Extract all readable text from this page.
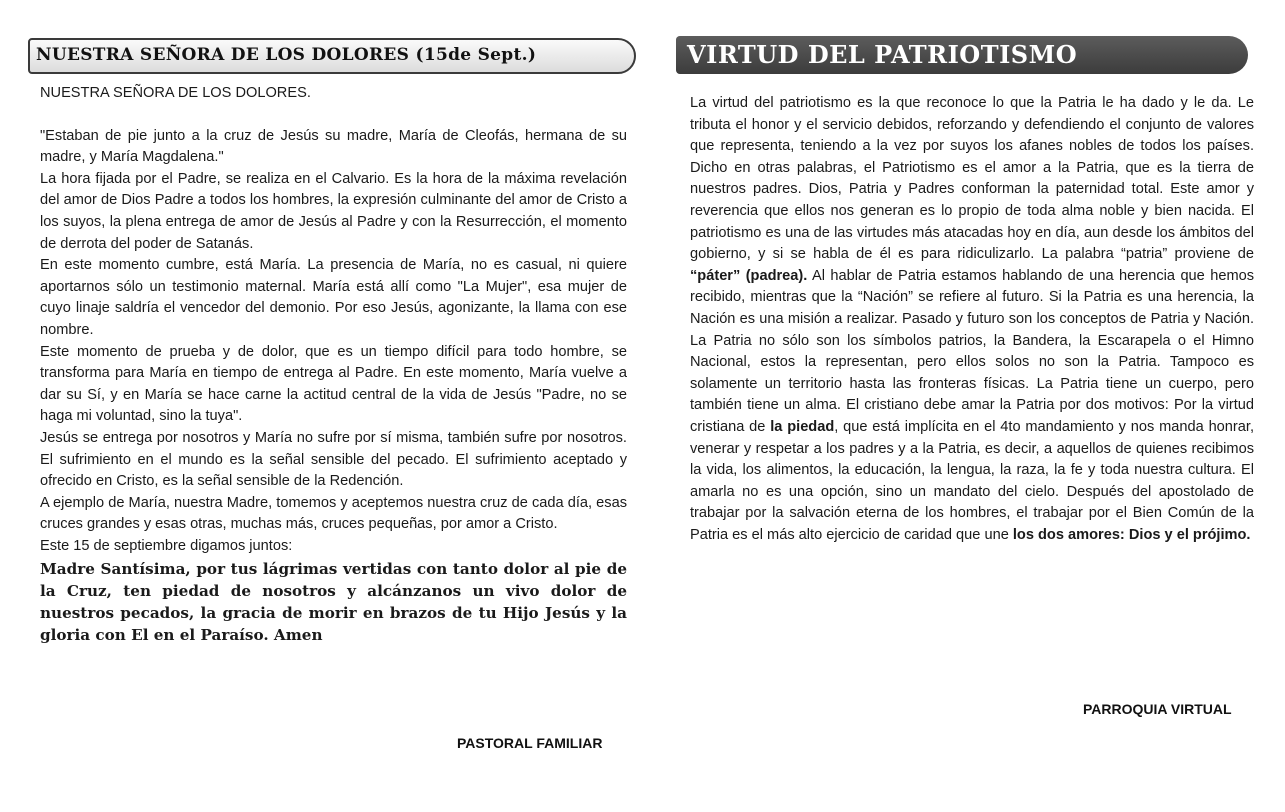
NUESTRA SEÑORA DE LOS DOLORES (15de Sept.)	VIRTUD DEL PATRIOTISMO

NUESTRA SEÑORA DE LOS DOLORES.

"Estaban de pie junto a la cruz de Jesús su madre, María de Cleofás, hermana de su madre, y María Magdalena."

La hora fijada por el Padre, se realiza en el Calvario. Es la hora de la máxima revelación del amor de Dios Padre a todos los hombres, la expresión culminante del amor de Cristo a los suyos, la plena entrega de amor de Jesús al Padre y con la Resurrección, el momento de derrota del poder de Satanás.

En este momento cumbre, está María. La presencia de María, no es casual, ni quiere aportarnos sólo un testimonio maternal. María está allí como "La Mujer", esa mujer de cuyo linaje saldría el vencedor del demonio. Por eso Jesús, agonizante, la llama con ese nombre.

Este momento de prueba y de dolor, que es un tiempo difícil para todo hombre, se transforma para María en tiempo de entrega al Padre. En este momento, María vuelve a dar su Sí, y en María se hace carne la actitud central de la vida de Jesús "Padre, no se haga mi voluntad, sino la tuya".

Jesús se entrega por nosotros y María no sufre por sí misma, también sufre por nosotros. El sufrimiento en el mundo es la señal sensible del pecado. El sufrimiento aceptado y ofrecido en Cristo, es la señal sensible de la Redención.

A ejemplo de María, nuestra Madre, tomemos y aceptemos nuestra cruz de cada día, esas cruces grandes y esas otras, muchas más, cruces pequeñas, por amor a Cristo.

Este 15 de septiembre digamos juntos:

Madre Santísima, por tus lágrimas vertidas con tanto dolor al pie de la Cruz, ten piedad de nosotros y alcánzanos un vivo dolor de nuestros pecados, la gracia de morir en brazos de tu Hijo Jesús y la gloria con El en el Paraíso. Amen

PASTORAL FAMILIAR

La virtud del patriotismo es la que reconoce lo que la Patria le ha dado y le da. Le tributa el honor y el servicio debidos, reforzando y defendiendo el conjunto de valores que representa, teniendo a la vez por suyos los afanes nobles de todos los países. Dicho en otras palabras, el Patriotismo es el amor a la Patria, que es la tierra de nuestros padres. Dios, Patria y Padres conforman la paternidad total. Este amor y reverencia que ellos nos generan es lo propio de toda alma noble y bien nacida. El patriotismo es una de las virtudes más atacadas hoy en día, aun desde los ámbitos del gobierno, y si se habla de él es para ridiculizarlo. La palabra “patria” proviene de “páter” (padrea). Al hablar de Patria estamos hablando de una herencia que hemos recibido, mientras que la “Nación” se refiere al futuro. Si la Patria es una herencia, la Nación es una misión a realizar. Pasado y futuro son los conceptos de Patria y Nación. La Patria no sólo son los símbolos patrios, la Bandera, la Escarapela o el Himno Nacional, estos la representan, pero ellos solos no son la Patria. Tampoco es solamente un territorio hasta las fronteras físicas. La Patria tiene un cuerpo, pero también tiene un alma. El cristiano debe amar la Patria por dos motivos: Por la virtud cristiana de la piedad, que está implícita en el 4to mandamiento y nos manda honrar, venerar y respetar a los padres y a la Patria, es decir, a aquellos de quienes recibimos la vida, los alimentos, la educación, la lengua, la raza, la fe y toda nuestra cultura. El amarla no es una opción, sino un mandato del cielo. Después del apostolado de trabajar por la salvación eterna de los hombres, el trabajar por el Bien Común de la Patria es el más alto ejercicio de caridad que une los dos amores: Dios y el prójimo.

PARROQUIA VIRTUAL
